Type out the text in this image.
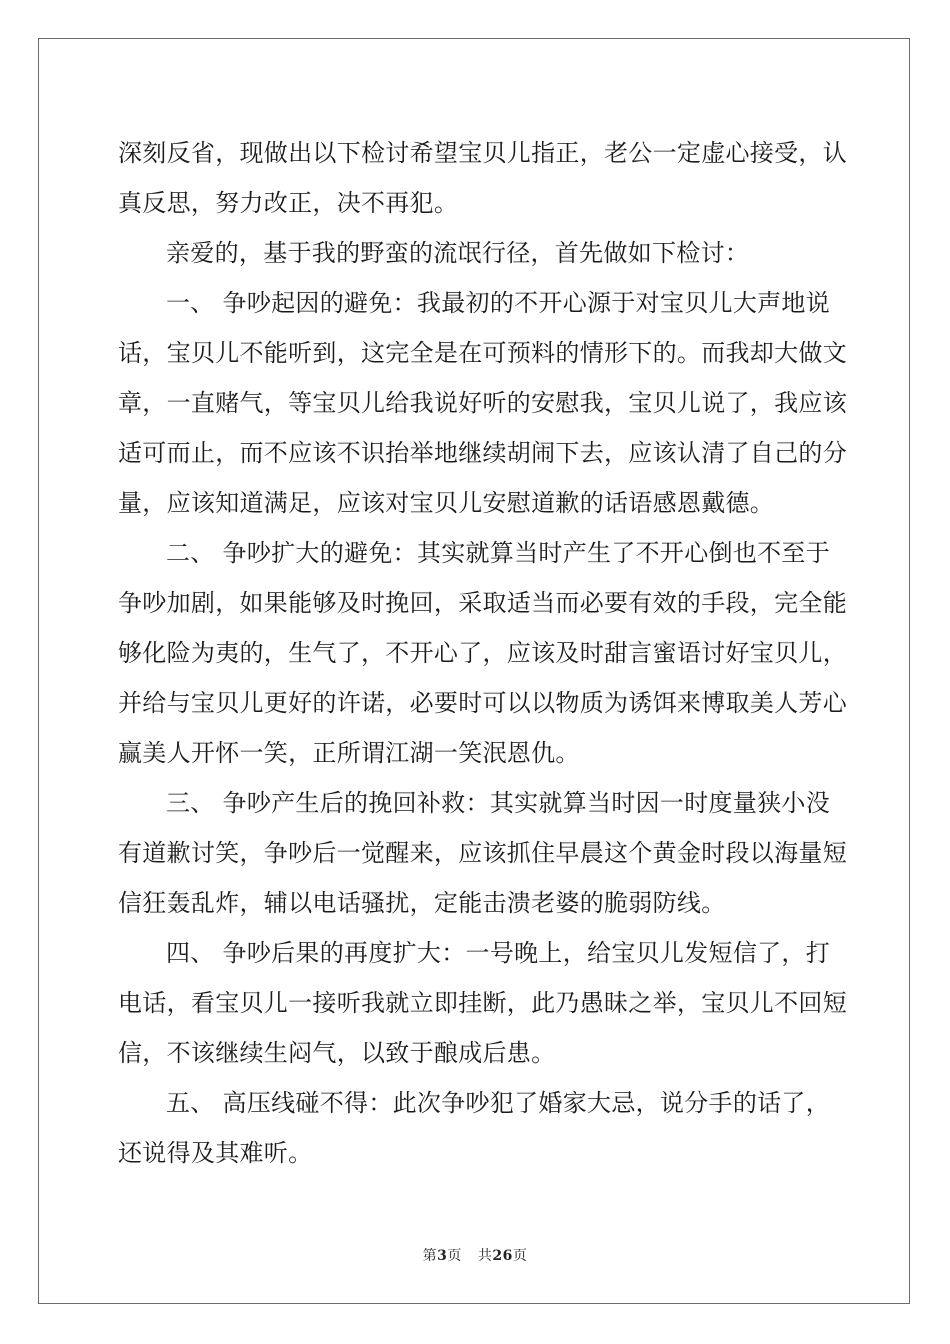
深刻反省，现做出以下检讨希望宝贝儿指正，老公一定虚心接受，认
真反思，努力改正，决不再犯。
亲爱的，基于我的野蛮的流氓行径，首先做如下检讨：
一、 争吵起因的避免：我最初的不开心源于对宝贝儿大声地说
话，宝贝儿不能听到，这完全是在可预料的情形下的。而我却大做文
章，一直赌气，等宝贝儿给我说好听的安慰我，宝贝儿说了，我应该
适可而止，而不应该不识抬举地继续胡闹下去，应该认清了自己的分
量，应该知道满足，应该对宝贝儿安慰道歉的话语感恩戴德。
二、 争吵扩大的避免：其实就算当时产生了不开心倒也不至于
争吵加剧，如果能够及时挽回，采取适当而必要有效的手段，完全能
够化险为夷的，生气了，不开心了，应该及时甜言蜜语讨好宝贝儿，
并给与宝贝儿更好的许诺，必要时可以以物质为诱饵来博取美人芳心
赢美人开怀一笑，正所谓江湖一笑泯恩仇。
三、 争吵产生后的挽回补救：其实就算当时因一时度量狭小没
有道歉讨笑，争吵后一觉醒来，应该抓住早晨这个黄金时段以海量短
信狂轰乱炸，辅以电话骚扰，定能击溃老婆的脆弱防线。
四、 争吵后果的再度扩大：一号晚上，给宝贝儿发短信了，打
电话，看宝贝儿一接听我就立即挂断，此乃愚昧之举，宝贝儿不回短
信，不该继续生闷气，以致于酿成后患。
五、 高压线碰不得：此次争吵犯了婚家大忌，说分手的话了，
还说得及其难听。
第3页 共26页
